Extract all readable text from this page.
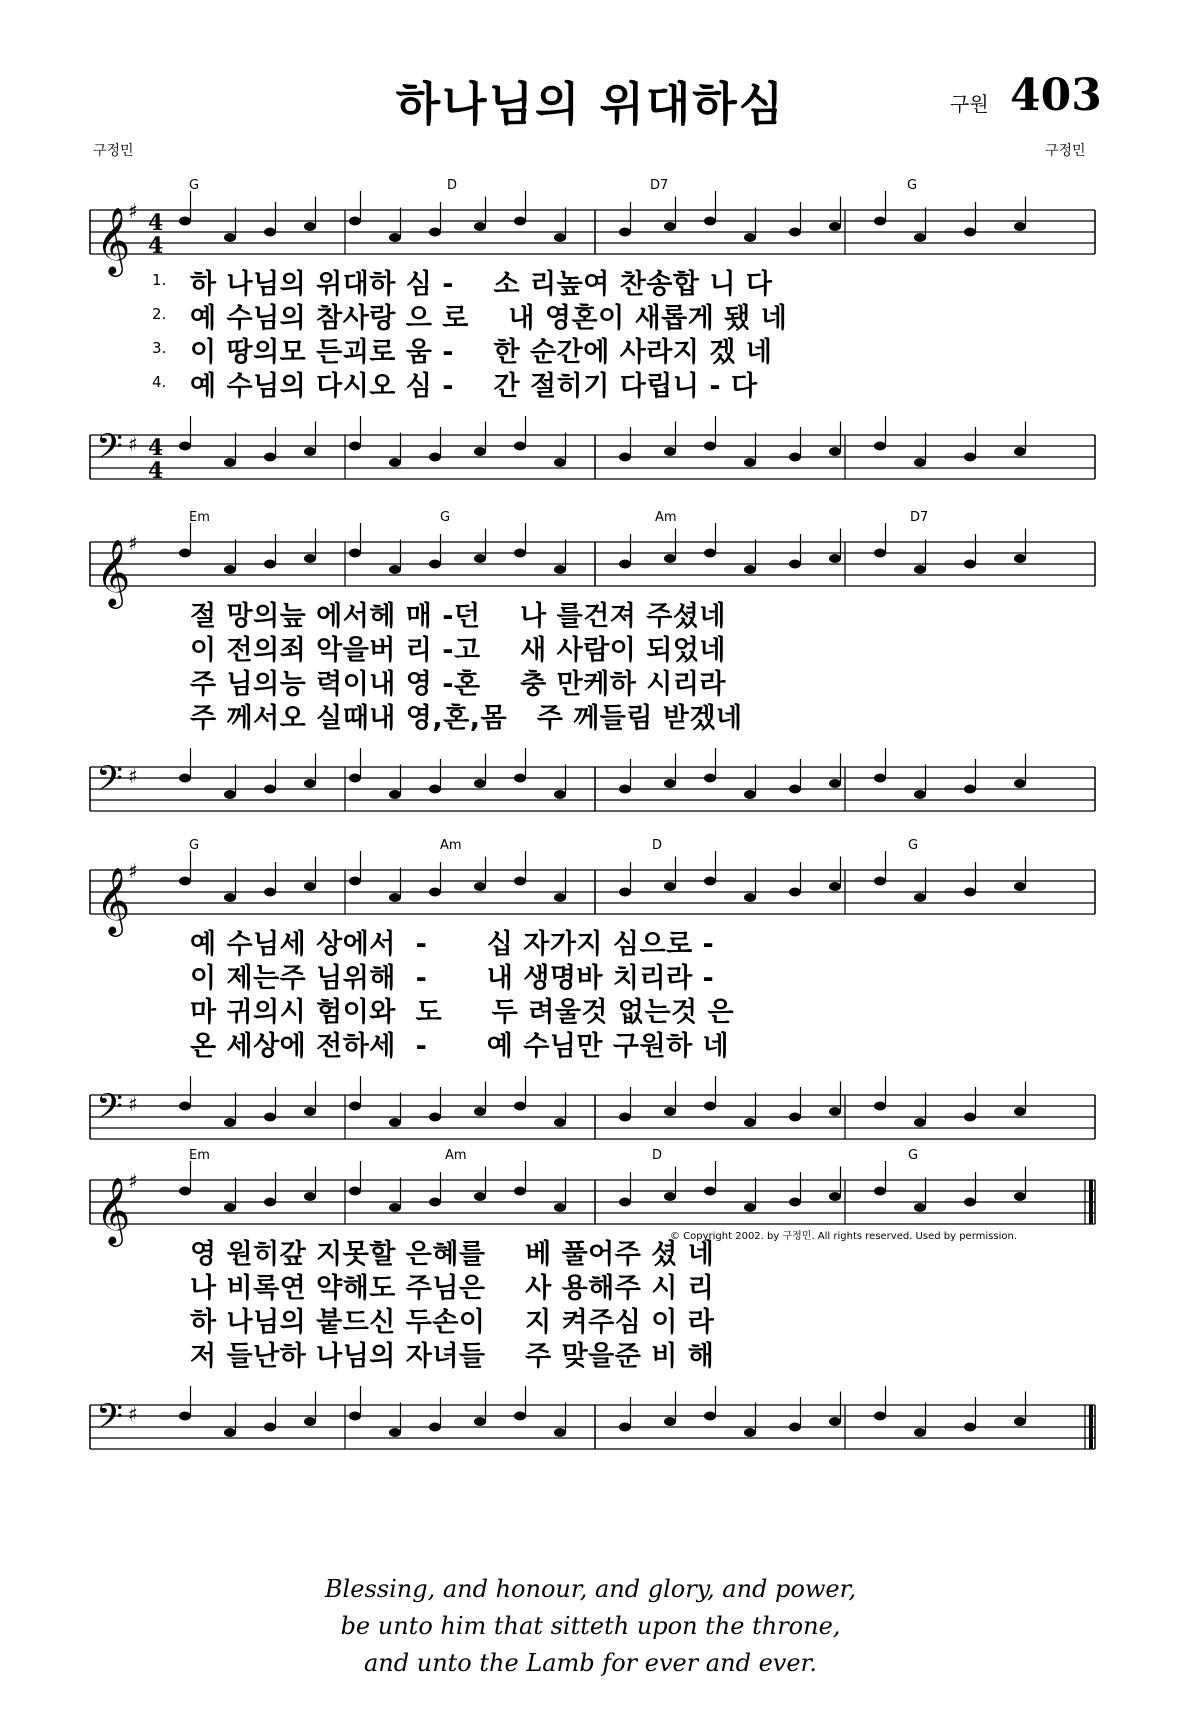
하나님의 위대하심	구원 403
구정민	구정민
G	D	D7	G
𝄞
♯ 4
4
1. 하 나님의 위대하 심 -    소 리높여 찬송합 니 다
2. 예 수님의 참사랑 으 로    내 영혼이 새롭게 됐 네
3. 이 땅의모 든괴로 움 -    한 순간에 사라지 겠 네
4. 예 수님의 다시오 심 -    간 절히기 다립니 - 다
𝄢 ♯ 4
4
Em	G	Am	D7
𝄞
♯
절 망의늪 에서헤 매 -던    나 를건져 주셨네
이 전의죄 악을버 리 -고    새 사람이 되었네
주 님의능 력이내 영 -혼    충 만케하 시리라
주 께서오 실때내 영,혼,몸   주 께들림 받겠네
𝄢 ♯
G	Am	D	G
𝄞
♯
예 수님세 상에서  -      십 자가지 심으로 -
이 제는주 님위해  -      내 생명바 치리라 -
마 귀의시 험이와  도     두 려울것 없는것 은
온 세상에 전하세  -      예 수님만 구원하 네
𝄢 ♯
Em	Am	D	G
𝄞
♯
영 원히갚 지못할 은혜를    베 풀어주 셨 네
나 비록연 약해도 주님은    사 용해주 시 리
하 나님의 붙드신 두손이    지 켜주심 이 라
저 들난하 나님의 자녀들    주 맞을준 비 해
𝄢 ♯
© Copyright 2002. by 구정민. All rights reserved. Used by permission.
Blessing, and honour, and glory, and power,
be unto him that sitteth upon the throne,
and unto the Lamb for ever and ever.
